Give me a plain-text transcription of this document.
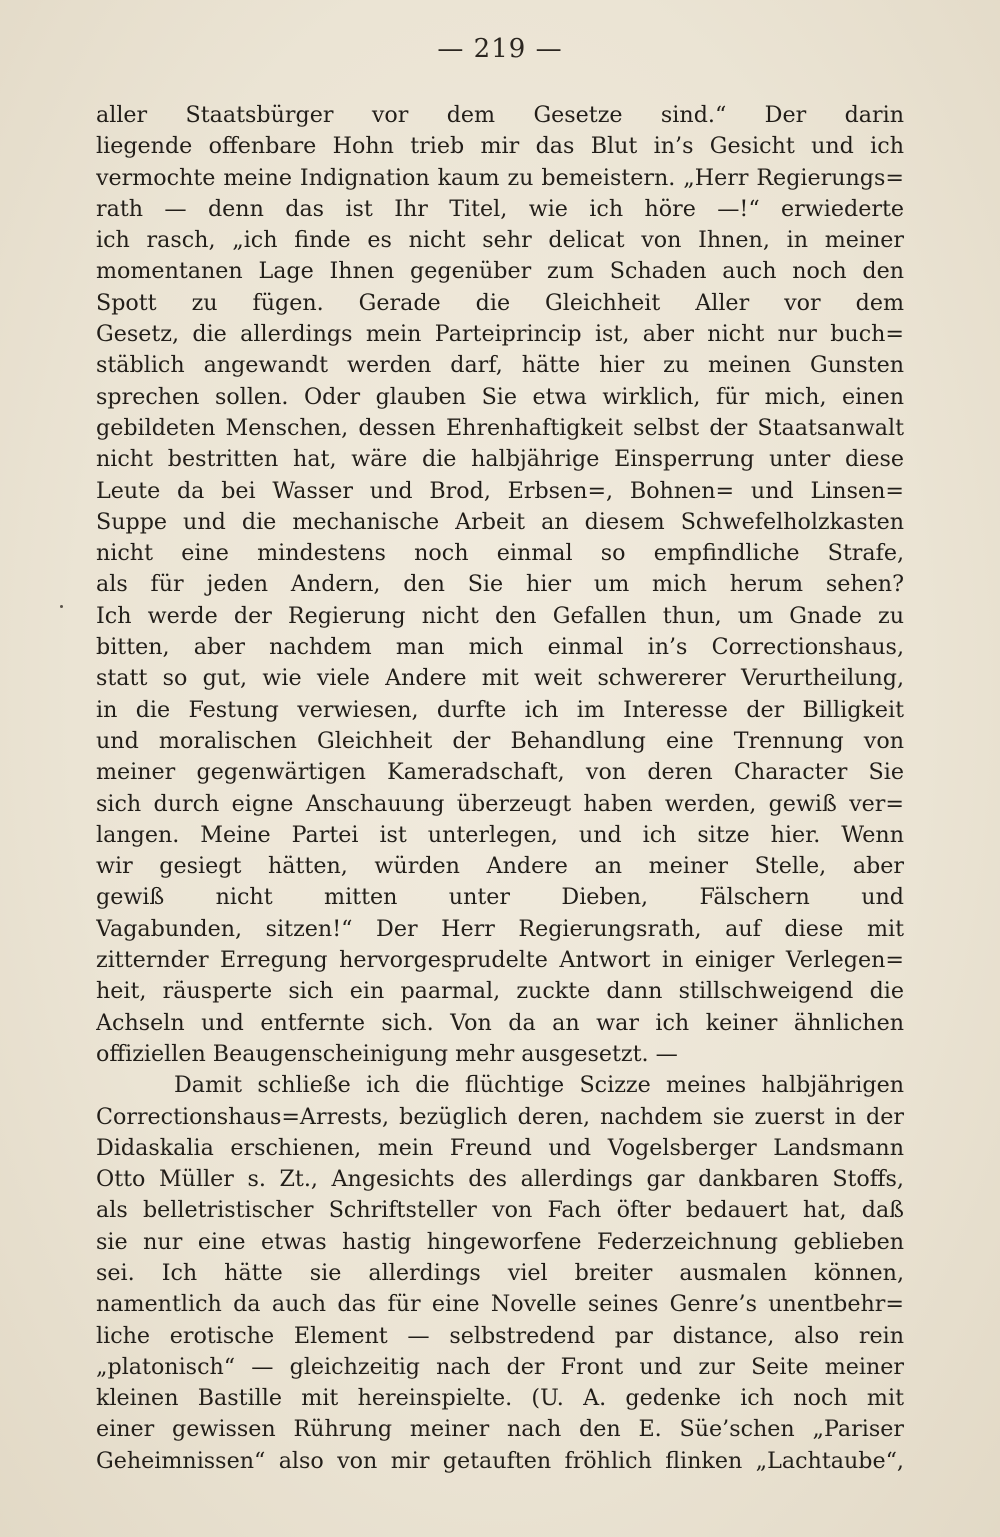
— 219 —
aller Staatsbürger vor dem Gesetze sind.“ Der darin
liegende offenbare Hohn trieb mir das Blut in’s Gesicht und ich
vermochte meine Indignation kaum zu bemeistern. „Herr Regierungs=
rath — denn das ist Ihr Titel, wie ich höre —!“ erwiederte
ich rasch, „ich finde es nicht sehr delicat von Ihnen, in meiner
momentanen Lage Ihnen gegenüber zum Schaden auch noch den
Spott zu fügen. Gerade die Gleichheit Aller vor dem
Gesetz, die allerdings mein Parteiprincip ist, aber nicht nur buch=
stäblich angewandt werden darf, hätte hier zu meinen Gunsten
sprechen sollen. Oder glauben Sie etwa wirklich, für mich, einen
gebildeten Menschen, dessen Ehrenhaftigkeit selbst der Staatsanwalt
nicht bestritten hat, wäre die halbjährige Einsperrung unter diese
Leute da bei Wasser und Brod, Erbsen=, Bohnen= und Linsen=
Suppe und die mechanische Arbeit an diesem Schwefelholzkasten
nicht eine mindestens noch einmal so empfindliche Strafe,
als für jeden Andern, den Sie hier um mich herum sehen?
Ich werde der Regierung nicht den Gefallen thun, um Gnade zu
bitten, aber nachdem man mich einmal in’s Correctionshaus,
statt so gut, wie viele Andere mit weit schwererer Verurtheilung,
in die Festung verwiesen, durfte ich im Interesse der Billigkeit
und moralischen Gleichheit der Behandlung eine Trennung von
meiner gegenwärtigen Kameradschaft, von deren Character Sie
sich durch eigne Anschauung überzeugt haben werden, gewiß ver=
langen. Meine Partei ist unterlegen, und ich sitze hier. Wenn
wir gesiegt hätten, würden Andere an meiner Stelle, aber
gewiß nicht mitten unter Dieben, Fälschern und
Vagabunden, sitzen!“ Der Herr Regierungsrath, auf diese mit
zitternder Erregung hervorgesprudelte Antwort in einiger Verlegen=
heit, räusperte sich ein paarmal, zuckte dann stillschweigend die
Achseln und entfernte sich. Von da an war ich keiner ähnlichen
offiziellen Beaugenscheinigung mehr ausgesetzt. —
Damit schließe ich die flüchtige Scizze meines halbjährigen
Correctionshaus=Arrests, bezüglich deren, nachdem sie zuerst in der
Didaskalia erschienen, mein Freund und Vogelsberger Landsmann
Otto Müller s. Zt., Angesichts des allerdings gar dankbaren Stoffs,
als belletristischer Schriftsteller von Fach öfter bedauert hat, daß
sie nur eine etwas hastig hingeworfene Federzeichnung geblieben
sei. Ich hätte sie allerdings viel breiter ausmalen können,
namentlich da auch das für eine Novelle seines Genre’s unentbehr=
liche erotische Element — selbstredend par distance, also rein
„platonisch“ — gleichzeitig nach der Front und zur Seite meiner
kleinen Bastille mit hereinspielte. (U. A. gedenke ich noch mit
einer gewissen Rührung meiner nach den E. Süe’schen „Pariser
Geheimnissen“ also von mir getauften fröhlich flinken „Lachtaube“,
